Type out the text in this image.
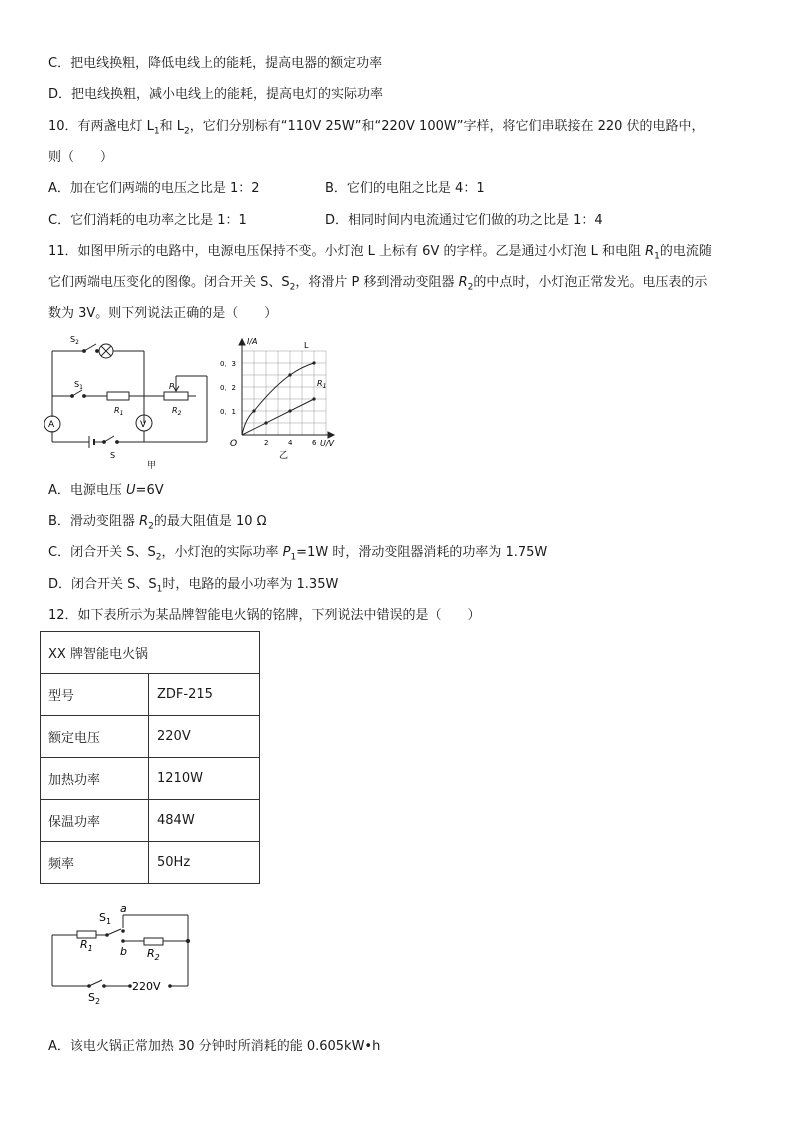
C．把电线换粗，降低电线上的能耗，提高电器的额定功率
D．把电线换粗，减小电线上的能耗，提高电灯的实际功率
10．有两盏电灯 $L_1$和 $L_2$，它们分别标有“110V 25W”和“220V 100W”字样，将它们串联接在 220 伏的电路中，
则（　　）
A．加在它们两端的电压之比是 1：2	B．它们的电阻之比是 4：1
C．它们消耗的电功率之比是 1：1	D．相同时间内电流通过它们做的功之比是 1：4
11．如图甲所示的电路中，电源电压保持不变。小灯泡 L 上标有 6V 的字样。乙是通过小灯泡 L 和电阻 $R_1$的电流随
它们两端电压变化的图像。闭合开关 S、$S_2$，将滑片 P 移到滑动变阻器 $R_2$的中点时，小灯泡正常发光。电压表的示
数为 3V。则下列说法正确的是（　　）
$S_2$
$S_1$
$R_1$	$R_2$
P
A	V
S
甲
I/A
U/V
O
0．1
0．2
0．3
2	4	6
L
$R_1$
乙
A．电源电压 U=6V
B．滑动变阻器 $R_2$的最大阻值是 10 Ω
C．闭合开关 S、$S_2$，小灯泡的实际功率 $P_1=1W$ 时，滑动变阻器消耗的功率为 1.75W
D．闭合开关 S、$S_1$时，电路的最小功率为 1.35W
12．如下表所示为某品牌智能电火锅的铭牌，下列说法中错误的是（　　）
XX 牌智能电火锅	
型号	ZDF-215
额定电压	220V
加热功率	1210W
保温功率	484W
频率	50Hz
$S_1$
a
b
$R_1$	$R_2$
$S_2$
220V
A．该电火锅正常加热 30 分钟时所消耗的能 0.605kW•h
